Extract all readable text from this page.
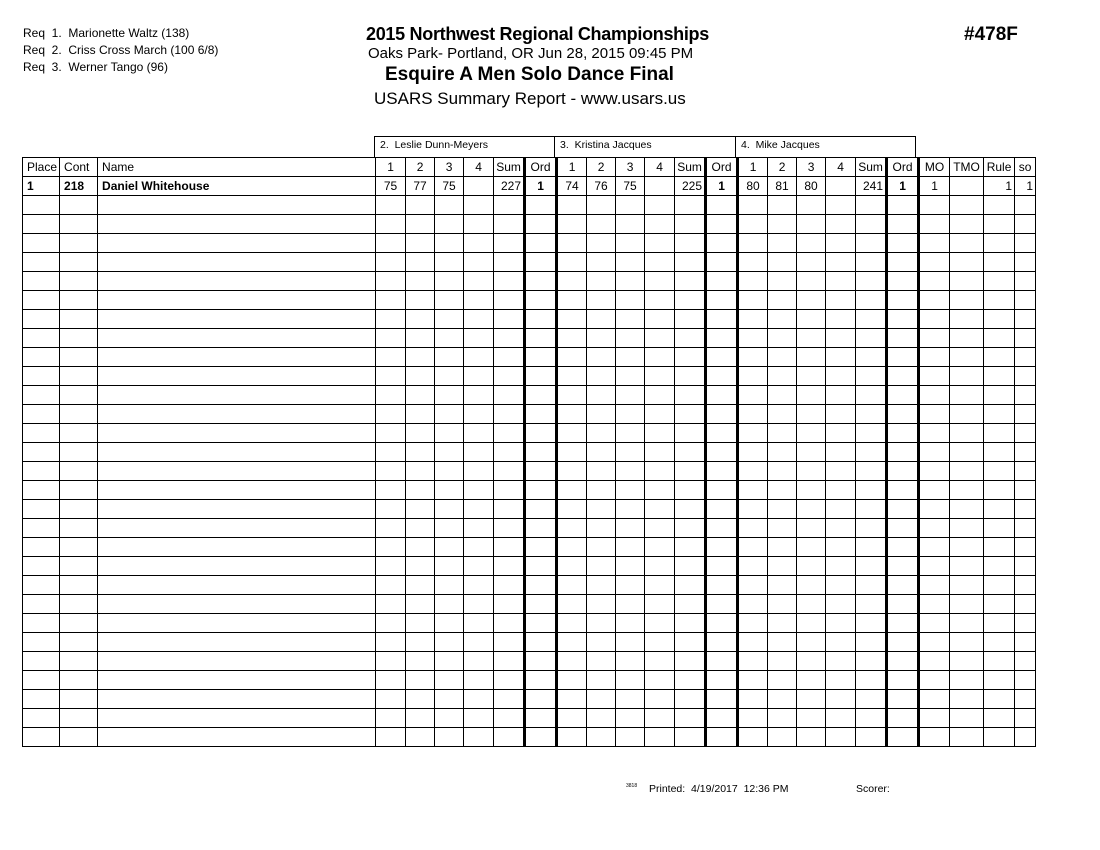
Req  1.  Marionette Waltz (138)
Req  2.  Criss Cross March (100 6/8)
Req  3.  Werner Tango (96)
2015 Northwest Regional Championships
Oaks Park- Portland, OR Jun 28, 2015 09:45 PM
Esquire A Men Solo Dance Final
USARS Summary Report - www.usars.us
#478F
2.  Leslie Dunn-Meyers	3.  Kristina Jacques	4.  Mike Jacques
Place	Cont	Name	1	2	3	4	Sum	Ord	1	2	3	4	Sum	Ord	1	2	3	4	Sum	Ord	MO	TMO	Rule	so
1	218	Daniel Whitehouse	75	77	75		227	1	74	76	75		225	1	80	81	80		241	1	1		1	1

3818 Printed:  4/19/2017  12:36 PM	Scorer:
